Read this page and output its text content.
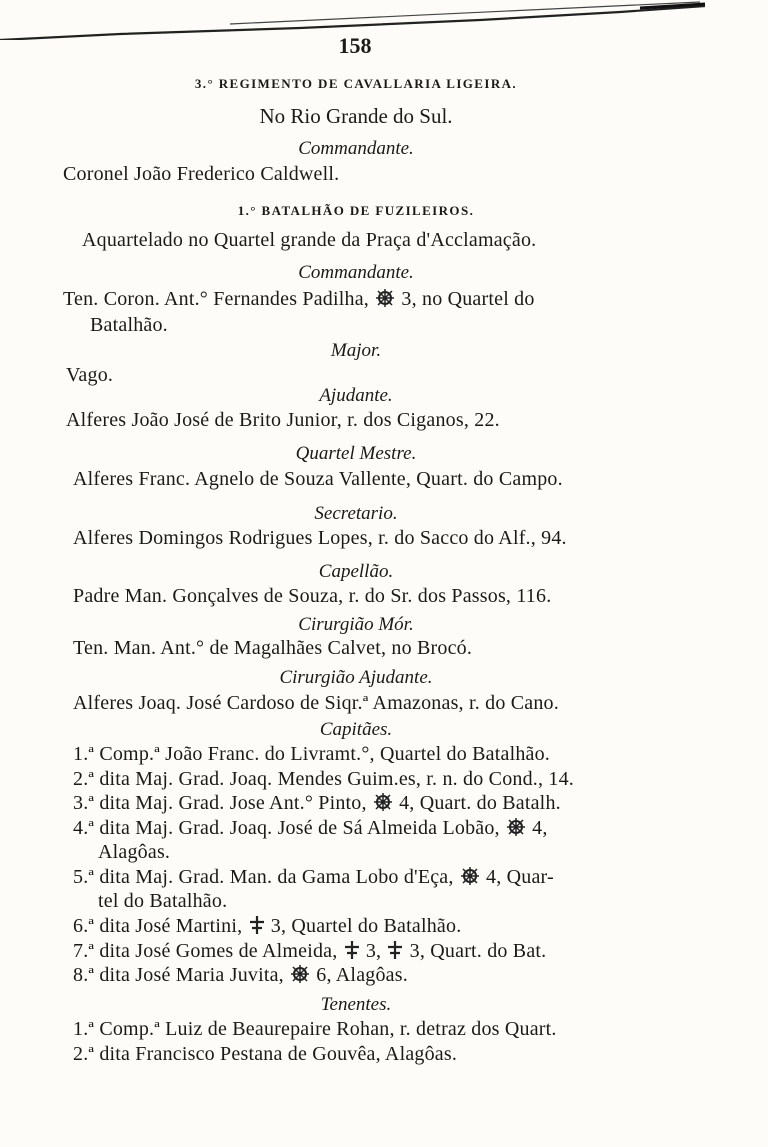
158
3.° REGIMENTO DE CAVALLARIA LIGEIRA.
No Rio Grande do Sul.
Commandante.
Coronel João Frederico Caldwell.
1.° BATALHÃO DE FUZILEIROS.
Aquartelado no Quartel grande da Praça d'Acclamação.
Commandante.
Ten. Coron. Ant.° Fernandes Padilha, 3, no Quartel do
Batalhão.
Major.
Vago.
Ajudante.
Alferes João José de Brito Junior, r. dos Ciganos, 22.
Quartel Mestre.
Alferes Franc. Agnelo de Souza Vallente, Quart. do Campo.
Secretario.
Alferes Domingos Rodrigues Lopes, r. do Sacco do Alf., 94.
Capellão.
Padre Man. Gonçalves de Souza, r. do Sr. dos Passos, 116.
Cirurgião Mór.
Ten. Man. Ant.° de Magalhães Calvet, no Brocó.
Cirurgião Ajudante.
Alferes Joaq. José Cardoso de Siqr.ª Amazonas, r. do Cano.
Capitães.
1.ª Comp.ª João Franc. do Livramt.°, Quartel do Batalhão.
2.ª dita Maj. Grad. Joaq. Mendes Guim.es, r. n. do Cond., 14.
3.ª dita Maj. Grad. Jose Ant.° Pinto, 4, Quart. do Batalh.
4.ª dita Maj. Grad. Joaq. José de Sá Almeida Lobão, 4,
Alagôas.
5.ª dita Maj. Grad. Man. da Gama Lobo d'Eça, 4, Quar-
tel do Batalhão.
6.ª dita José Martini, 3, Quartel do Batalhão.
7.ª dita José Gomes de Almeida, 3, 3, Quart. do Bat.
8.ª dita José Maria Juvita, 6, Alagôas.
Tenentes.
1.ª Comp.ª Luiz de Beaurepaire Rohan, r. detraz dos Quart.
2.ª dita Francisco Pestana de Gouvêa, Alagôas.
